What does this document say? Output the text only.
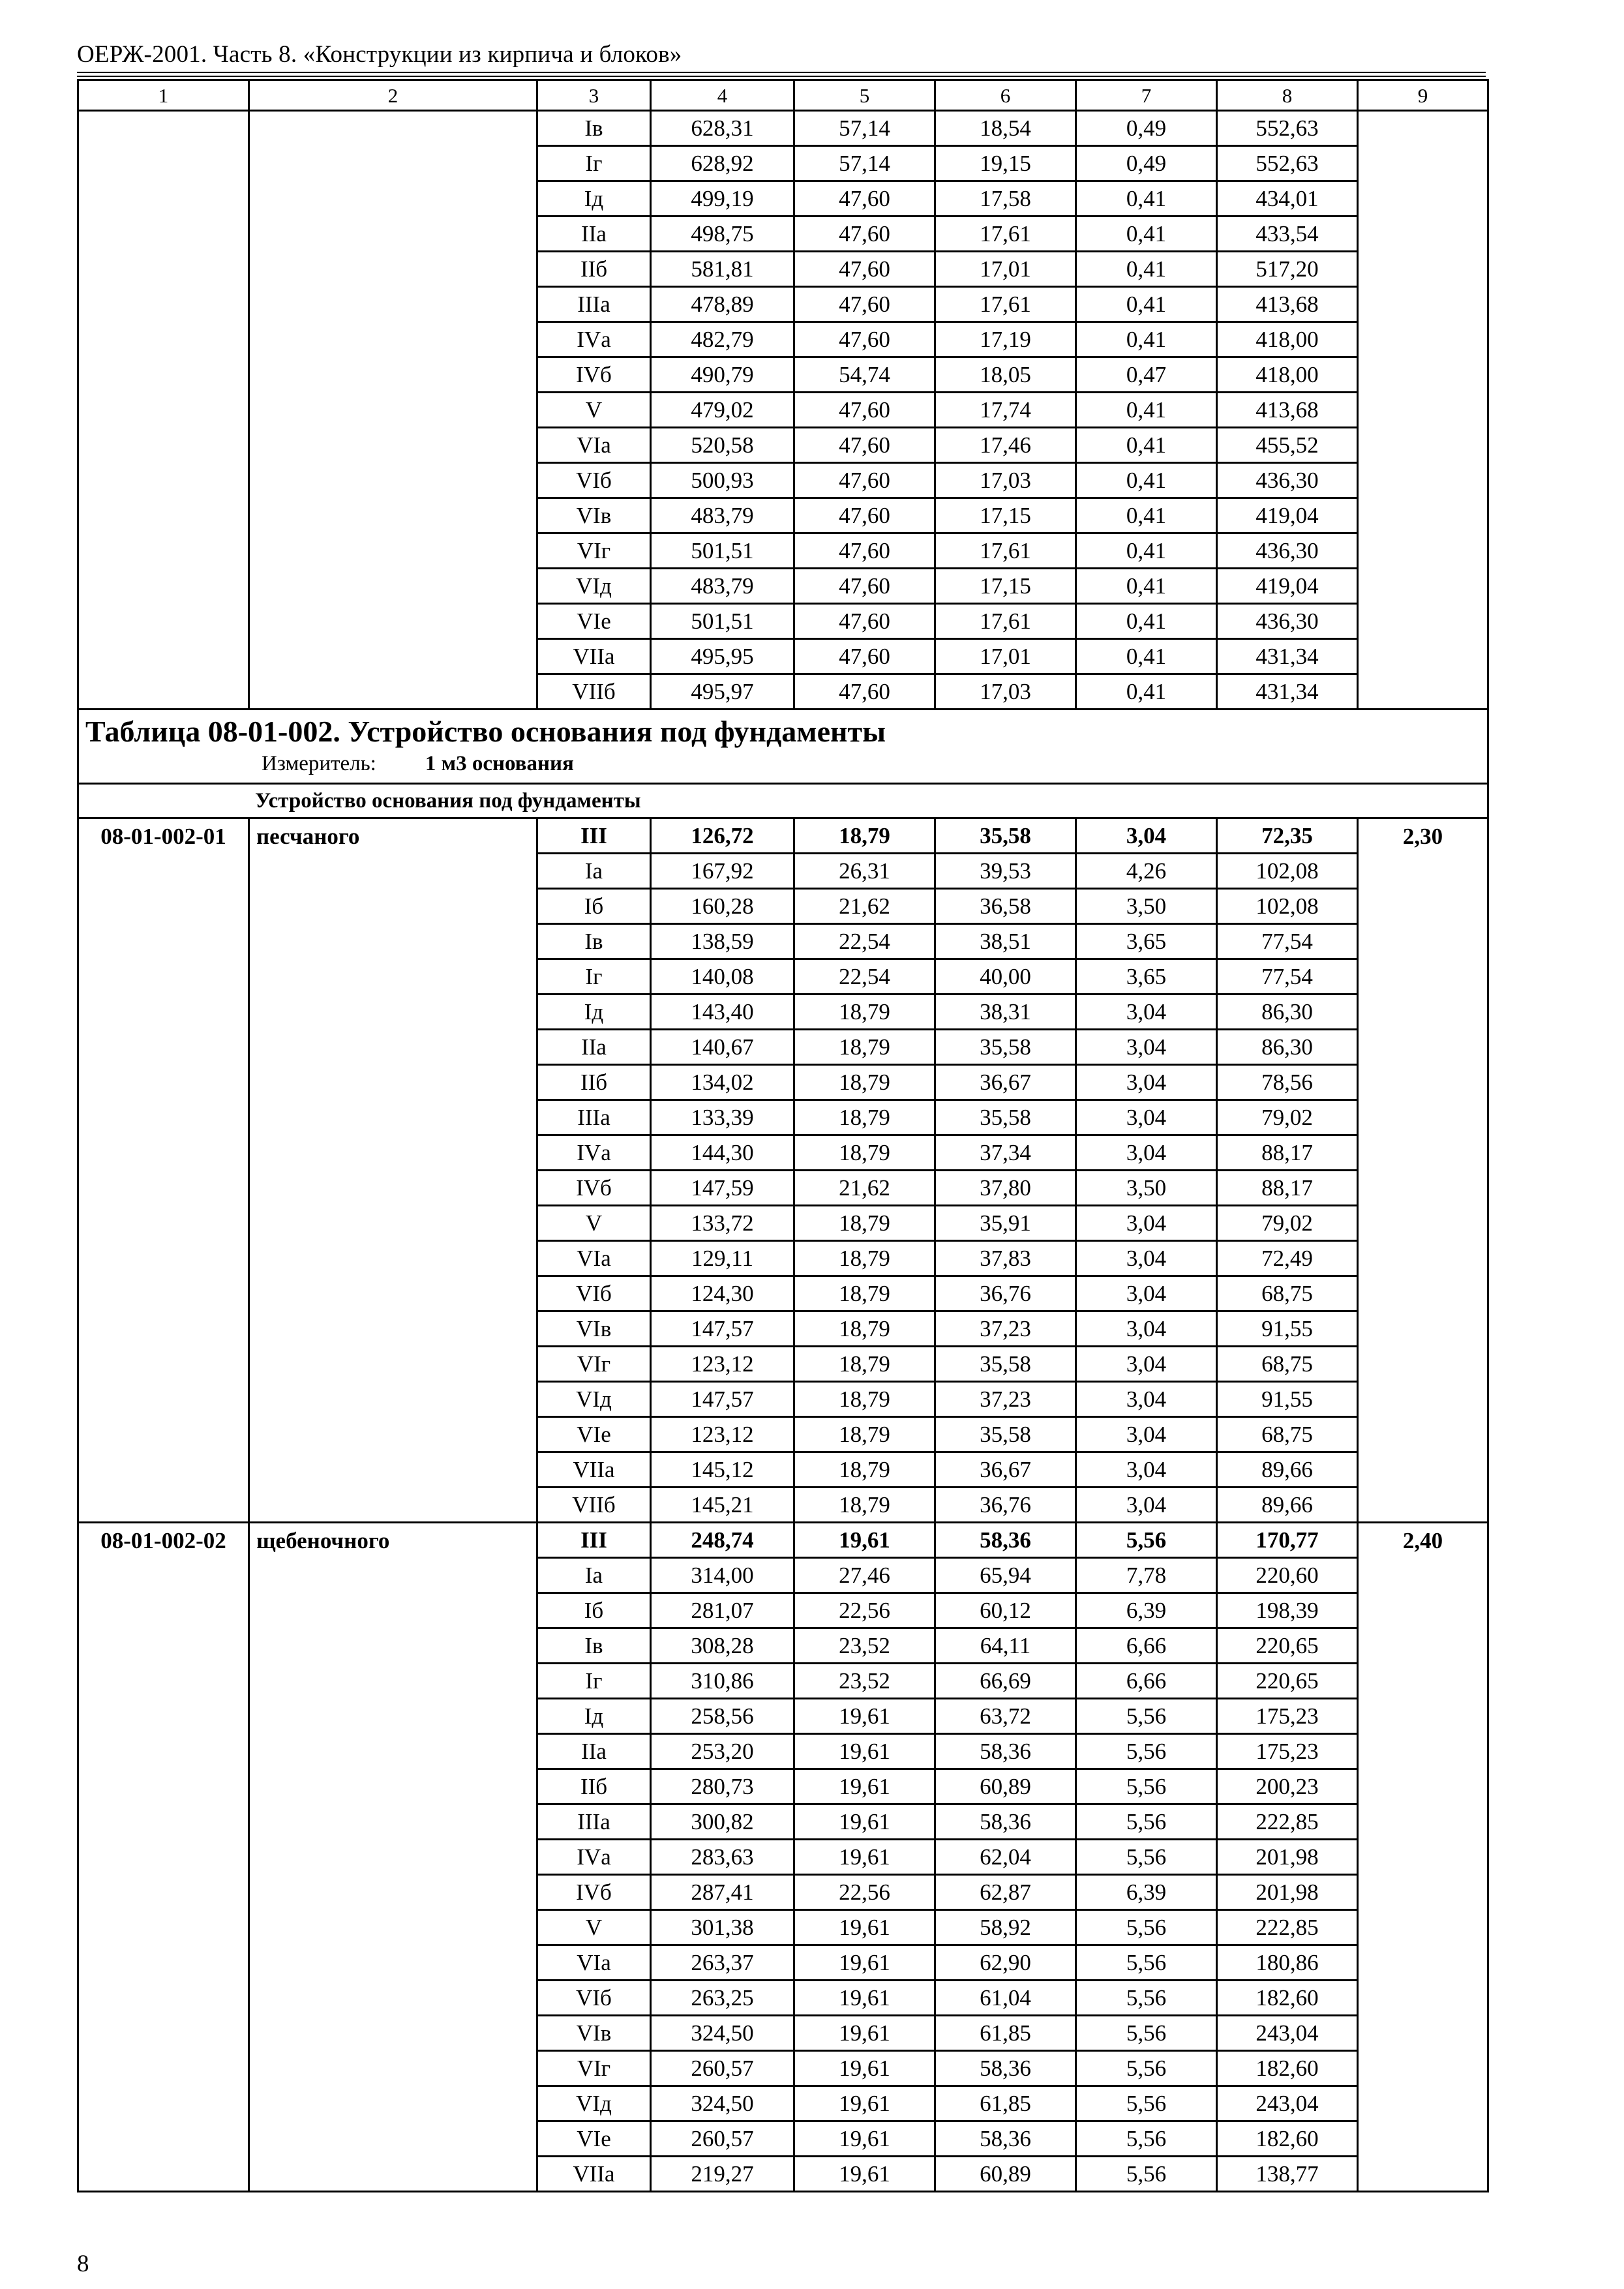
ОЕРЖ-2001. Часть 8. «Конструкции из кирпича и блоков»
1	2	3	4	5	6	7	8	9
		Iв	628,31	57,14	18,54	0,49	552,63	
		Iг	628,92	57,14	19,15	0,49	552,63	
		Iд	499,19	47,60	17,58	0,41	434,01	
		IIа	498,75	47,60	17,61	0,41	433,54	
		IIб	581,81	47,60	17,01	0,41	517,20	
		IIIа	478,89	47,60	17,61	0,41	413,68	
		IVа	482,79	47,60	17,19	0,41	418,00	
		IVб	490,79	54,74	18,05	0,47	418,00	
		V	479,02	47,60	17,74	0,41	413,68	
		VIа	520,58	47,60	17,46	0,41	455,52	
		VIб	500,93	47,60	17,03	0,41	436,30	
		VIв	483,79	47,60	17,15	0,41	419,04	
		VIг	501,51	47,60	17,61	0,41	436,30	
		VIд	483,79	47,60	17,15	0,41	419,04	
		VIе	501,51	47,60	17,61	0,41	436,30	
		VIIа	495,95	47,60	17,01	0,41	431,34	
		VIIб	495,97	47,60	17,03	0,41	431,34	

Таблица 08-01-002. Устройство основания под фундаменты
Измеритель: 1 м3 основания								

Устройство основания под фундаменты								
08-01-002-01	песчаного	III	126,72	18,79	35,58	3,04	72,35	2,30
		Iа	167,92	26,31	39,53	4,26	102,08	
		Iб	160,28	21,62	36,58	3,50	102,08	
		Iв	138,59	22,54	38,51	3,65	77,54	
		Iг	140,08	22,54	40,00	3,65	77,54	
		Iд	143,40	18,79	38,31	3,04	86,30	
		IIа	140,67	18,79	35,58	3,04	86,30	
		IIб	134,02	18,79	36,67	3,04	78,56	
		IIIа	133,39	18,79	35,58	3,04	79,02	
		IVа	144,30	18,79	37,34	3,04	88,17	
		IVб	147,59	21,62	37,80	3,50	88,17	
		V	133,72	18,79	35,91	3,04	79,02	
		VIа	129,11	18,79	37,83	3,04	72,49	
		VIб	124,30	18,79	36,76	3,04	68,75	
		VIв	147,57	18,79	37,23	3,04	91,55	
		VIг	123,12	18,79	35,58	3,04	68,75	
		VIд	147,57	18,79	37,23	3,04	91,55	
		VIе	123,12	18,79	35,58	3,04	68,75	
		VIIа	145,12	18,79	36,67	3,04	89,66	
		VIIб	145,21	18,79	36,76	3,04	89,66	
08-01-002-02	щебеночного	III	248,74	19,61	58,36	5,56	170,77	2,40
		Iа	314,00	27,46	65,94	7,78	220,60	
		Iб	281,07	22,56	60,12	6,39	198,39	
		Iв	308,28	23,52	64,11	6,66	220,65	
		Iг	310,86	23,52	66,69	6,66	220,65	
		Iд	258,56	19,61	63,72	5,56	175,23	
		IIа	253,20	19,61	58,36	5,56	175,23	
		IIб	280,73	19,61	60,89	5,56	200,23	
		IIIа	300,82	19,61	58,36	5,56	222,85	
		IVа	283,63	19,61	62,04	5,56	201,98	
		IVб	287,41	22,56	62,87	6,39	201,98	
		V	301,38	19,61	58,92	5,56	222,85	
		VIа	263,37	19,61	62,90	5,56	180,86	
		VIб	263,25	19,61	61,04	5,56	182,60	
		VIв	324,50	19,61	61,85	5,56	243,04	
		VIг	260,57	19,61	58,36	5,56	182,60	
		VIд	324,50	19,61	61,85	5,56	243,04	
		VIе	260,57	19,61	58,36	5,56	182,60	
		VIIа	219,27	19,61	60,89	5,56	138,77	
8
